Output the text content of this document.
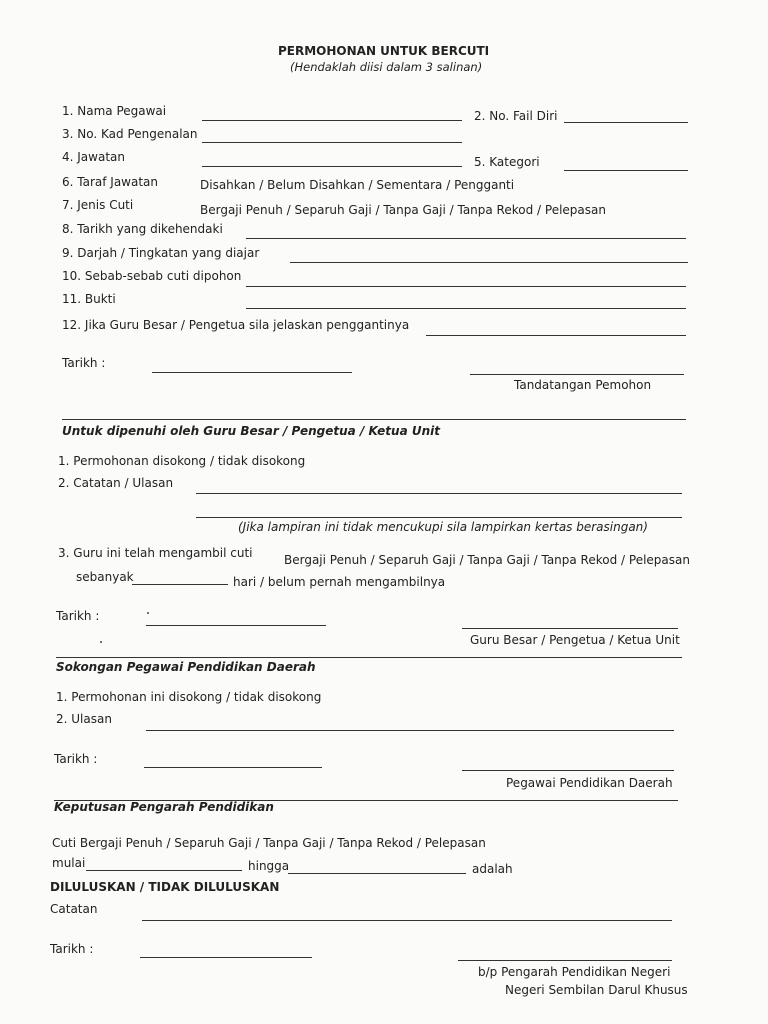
PERMOHONAN UNTUK BERCUTI
(Hendaklah diisi dalam 3 salinan)
1. Nama Pegawai	2. No. Fail Diri
3. No. Kad Pengenalan
4. Jawatan	5. Kategori
6. Taraf Jawatan	Disahkan / Belum Disahkan / Sementara / Pengganti
7. Jenis Cuti	Bergaji Penuh / Separuh Gaji / Tanpa Gaji / Tanpa Rekod / Pelepasan
8. Tarikh yang dikehendaki
9. Darjah / Tingkatan yang diajar
10. Sebab-sebab cuti dipohon
11. Bukti
12. Jika Guru Besar / Pengetua sila jelaskan penggantinya
Tarikh :
Tandatangan Pemohon
Untuk dipenuhi oleh Guru Besar / Pengetua / Ketua Unit
1. Permohonan disokong / tidak disokong
2. Catatan / Ulasan
(Jika lampiran ini tidak mencukupi sila lampirkan kertas berasingan)
3. Guru ini telah mengambil cuti	Bergaji Penuh / Separuh Gaji / Tanpa Gaji / Tanpa Rekod / Pelepasan
sebanyak	hari / belum pernah mengambilnya
Tarikh :
Guru Besar / Pengetua / Ketua Unit
Sokongan Pegawai Pendidikan Daerah
1. Permohonan ini disokong / tidak disokong
2. Ulasan
Tarikh :
Pegawai Pendidikan Daerah
Keputusan Pengarah Pendidikan
Cuti Bergaji Penuh / Separuh Gaji / Tanpa Gaji / Tanpa Rekod / Pelepasan
mulai	hingga	adalah
DILULUSKAN / TIDAK DILULUSKAN
Catatan
Tarikh :
b/p Pengarah Pendidikan Negeri
Negeri Sembilan Darul Khusus
